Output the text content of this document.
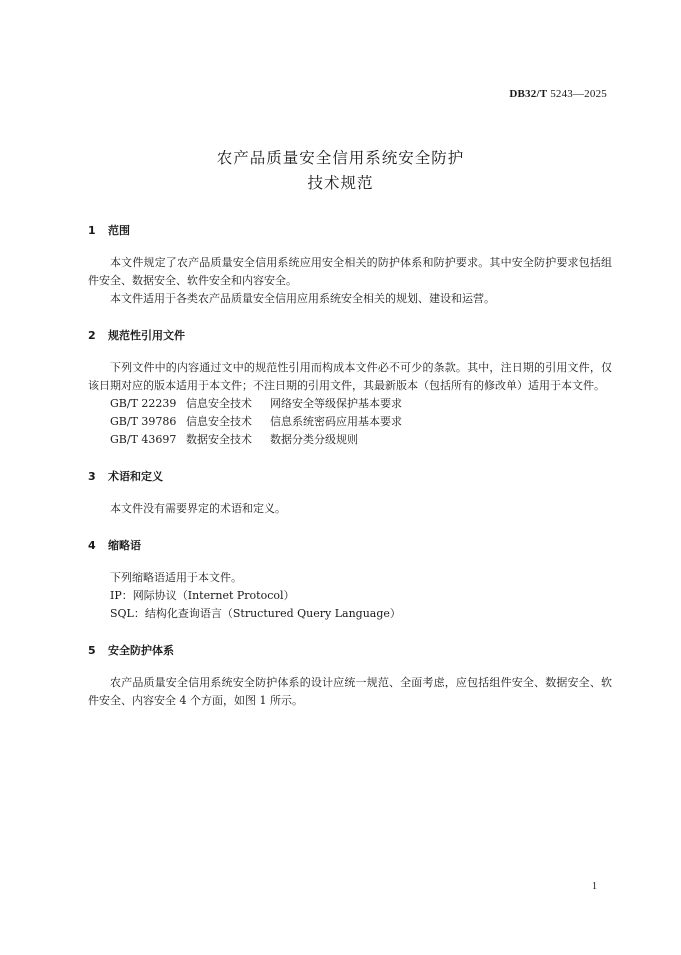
DB32/T 5243—2025
农产品质量安全信用系统安全防护
技术规范
1	范围

本文件规定了农产品质量安全信用系统应用安全相关的防护体系和防护要求。其中安全防护要求包括组件安全、数据安全、软件安全和内容安全。

本文件适用于各类农产品质量安全信用应用系统安全相关的规划、建设和运营。

2	规范性引用文件

下列文件中的内容通过文中的规范性引用而构成本文件必不可少的条款。其中，注日期的引用文件，仅该日期对应的版本适用于本文件；不注日期的引用文件，其最新版本（包括所有的修改单）适用于本文件。

GB/T 22239 信息安全技术	网络安全等级保护基本要求
GB/T 39786 信息安全技术	信息系统密码应用基本要求
GB/T 43697 数据安全技术	数据分类分级规则
3	术语和定义

本文件没有需要界定的术语和定义。

4	缩略语
下列缩略语适用于本文件。
IP：网际协议（Internet Protocol）
SQL：结构化查询语言（Structured Query Language）
5	安全防护体系

农产品质量安全信用系统安全防护体系的设计应统一规范、全面考虑，应包括组件安全、数据安全、软件安全、内容安全 4 个方面，如图 1 所示。

1
